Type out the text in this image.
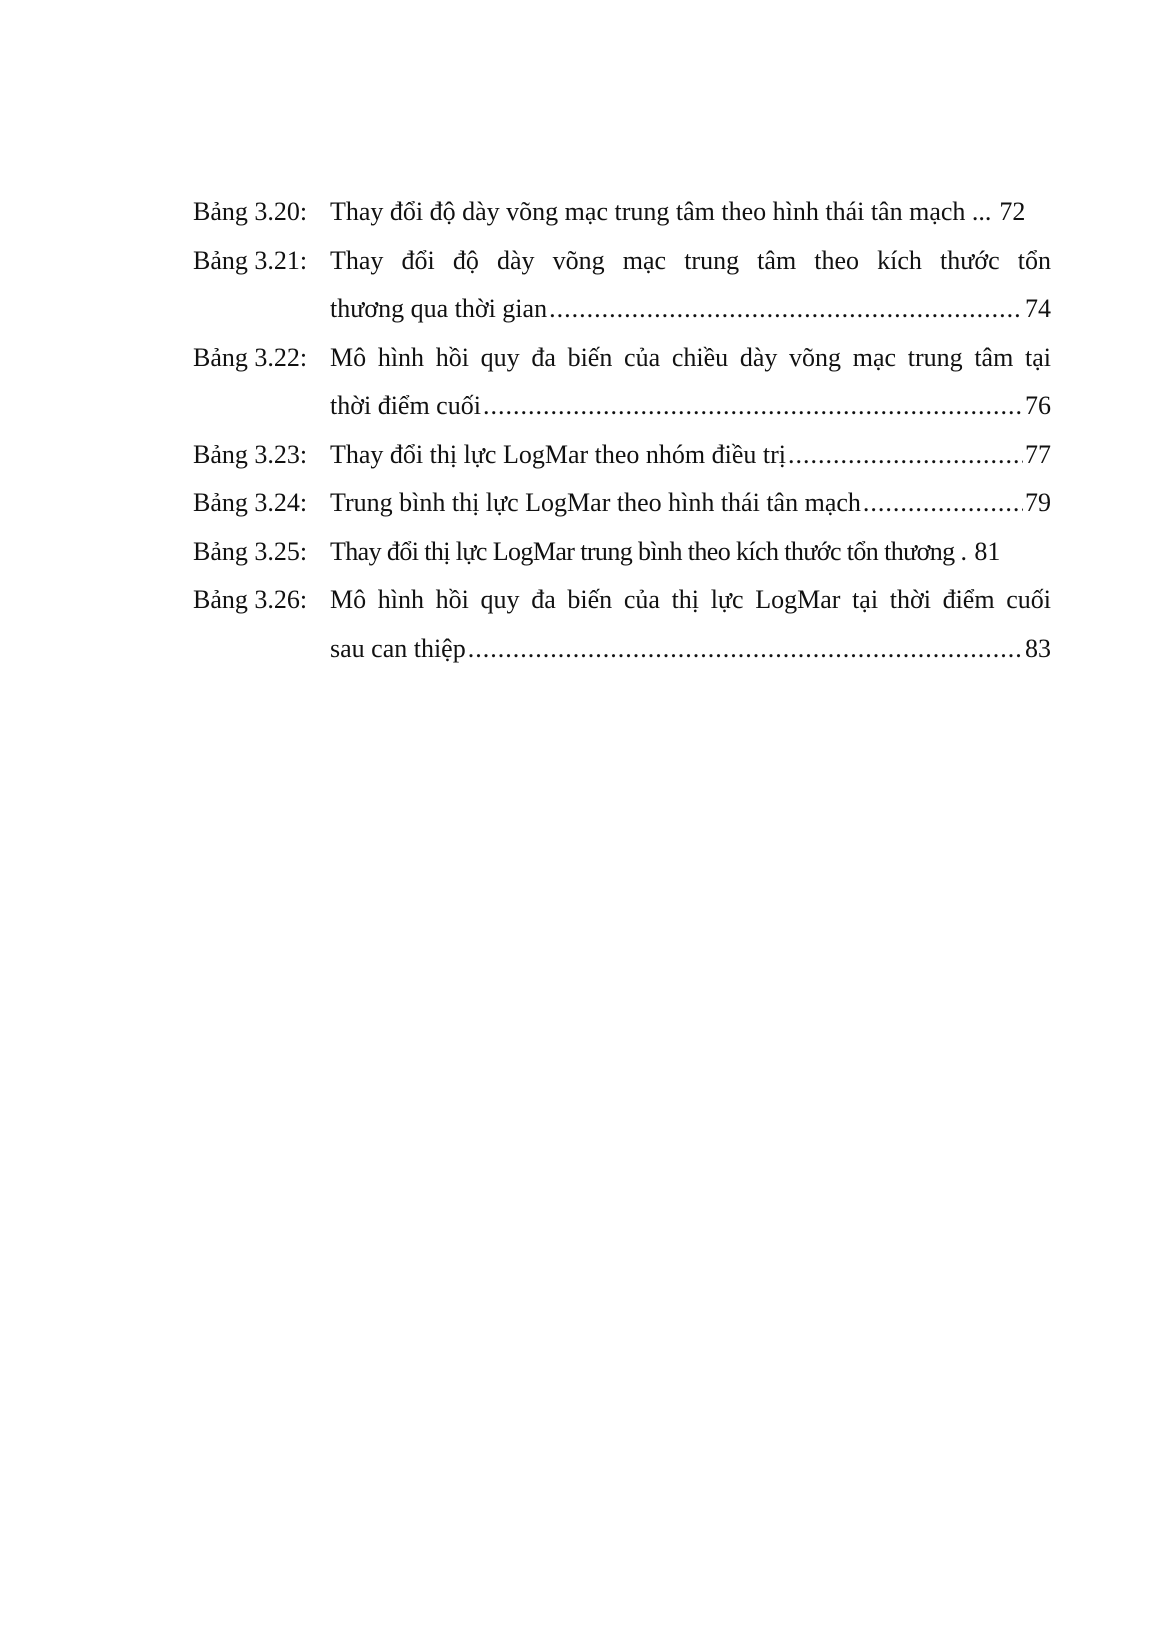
Bảng 3.20: Thay đổi độ dày võng mạc trung tâm theo hình thái tân mạch ... 72
Bảng 3.21: Thay đổi độ dày võng mạc trung tâm theo kích thước tổn
thương qua thời gian .....	74
Bảng 3.22: Mô hình hồi quy đa biến của chiều dày võng mạc trung tâm tại
thời điểm cuối .....	76
Bảng 3.23: Thay đổi thị lực LogMar theo nhóm điều trị .....	77
Bảng 3.24: Trung bình thị lực LogMar theo hình thái tân mạch .....	79
Bảng 3.25: Thay đổi thị lực LogMar trung bình theo kích thước tổn thương . 81
Bảng 3.26: Mô hình hồi quy đa biến của thị lực LogMar tại thời điểm cuối
sau can thiệp .....	83
